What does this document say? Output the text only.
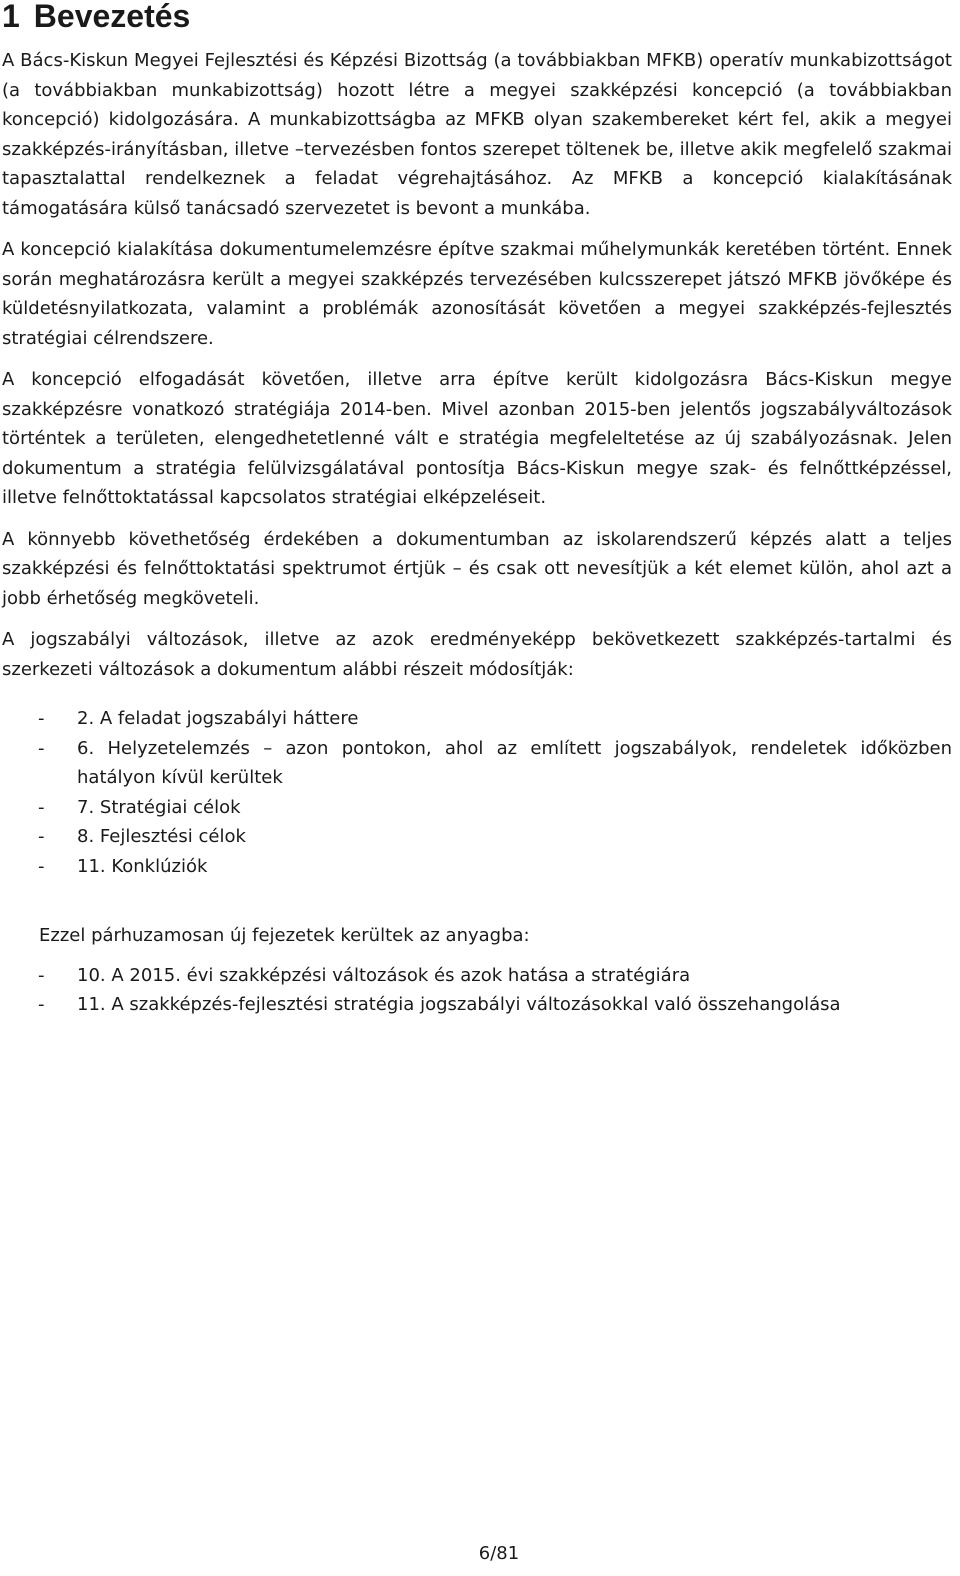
1 Bevezetés

A Bács-Kiskun Megyei Fejlesztési és Képzési Bizottság (a továbbiakban MFKB) operatív munkabizottságot (a továbbiakban munkabizottság) hozott létre a megyei szakképzési koncepció (a továbbiakban koncepció) kidolgozására. A munkabizottságba az MFKB olyan szakembereket kért fel, akik a megyei szakképzés-irányításban, illetve –tervezésben fontos szerepet töltenek be, illetve akik megfelelő szakmai tapasztalattal rendelkeznek a feladat végrehajtásához. Az MFKB a koncepció kialakításának támogatására külső tanácsadó szervezetet is bevont a munkába.

A koncepció kialakítása dokumentumelemzésre építve szakmai műhelymunkák keretében történt. Ennek során meghatározásra került a megyei szakképzés tervezésében kulcsszerepet játszó MFKB jövőképe és küldetésnyilatkozata, valamint a problémák azonosítását követően a megyei szakképzés-fejlesztés stratégiai célrendszere.

A koncepció elfogadását követően, illetve arra építve került kidolgozásra Bács-Kiskun megye szakképzésre vonatkozó stratégiája 2014-ben. Mivel azonban 2015-ben jelentős jogszabályváltozások történtek a területen, elengedhetetlenné vált e stratégia megfeleltetése az új szabályozásnak. Jelen dokumentum a stratégia felülvizsgálatával pontosítja Bács-Kiskun megye szak- és felnőttképzéssel, illetve felnőttoktatással kapcsolatos stratégiai elképzeléseit.

A könnyebb követhetőség érdekében a dokumentumban az iskolarendszerű képzés alatt a teljes szakképzési és felnőttoktatási spektrumot értjük – és csak ott nevesítjük a két elemet külön, ahol azt a jobb érhetőség megköveteli.

A jogszabályi változások, illetve az azok eredményeképp bekövetkezett szakképzés-tartalmi és szerkezeti változások a dokumentum alábbi részeit módosítják:

- 2. A feladat jogszabályi háttere
- 6. Helyzetelemzés – azon pontokon, ahol az említett jogszabályok, rendeletek időközben hatályon kívül kerültek
- 7. Stratégiai célok
- 8. Fejlesztési célok
- 11. Konklúziók

Ezzel párhuzamosan új fejezetek kerültek az anyagba:

- 10. A 2015. évi szakképzési változások és azok hatása a stratégiára
- 11. A szakképzés-fejlesztési stratégia jogszabályi változásokkal való összehangolása
6/81
